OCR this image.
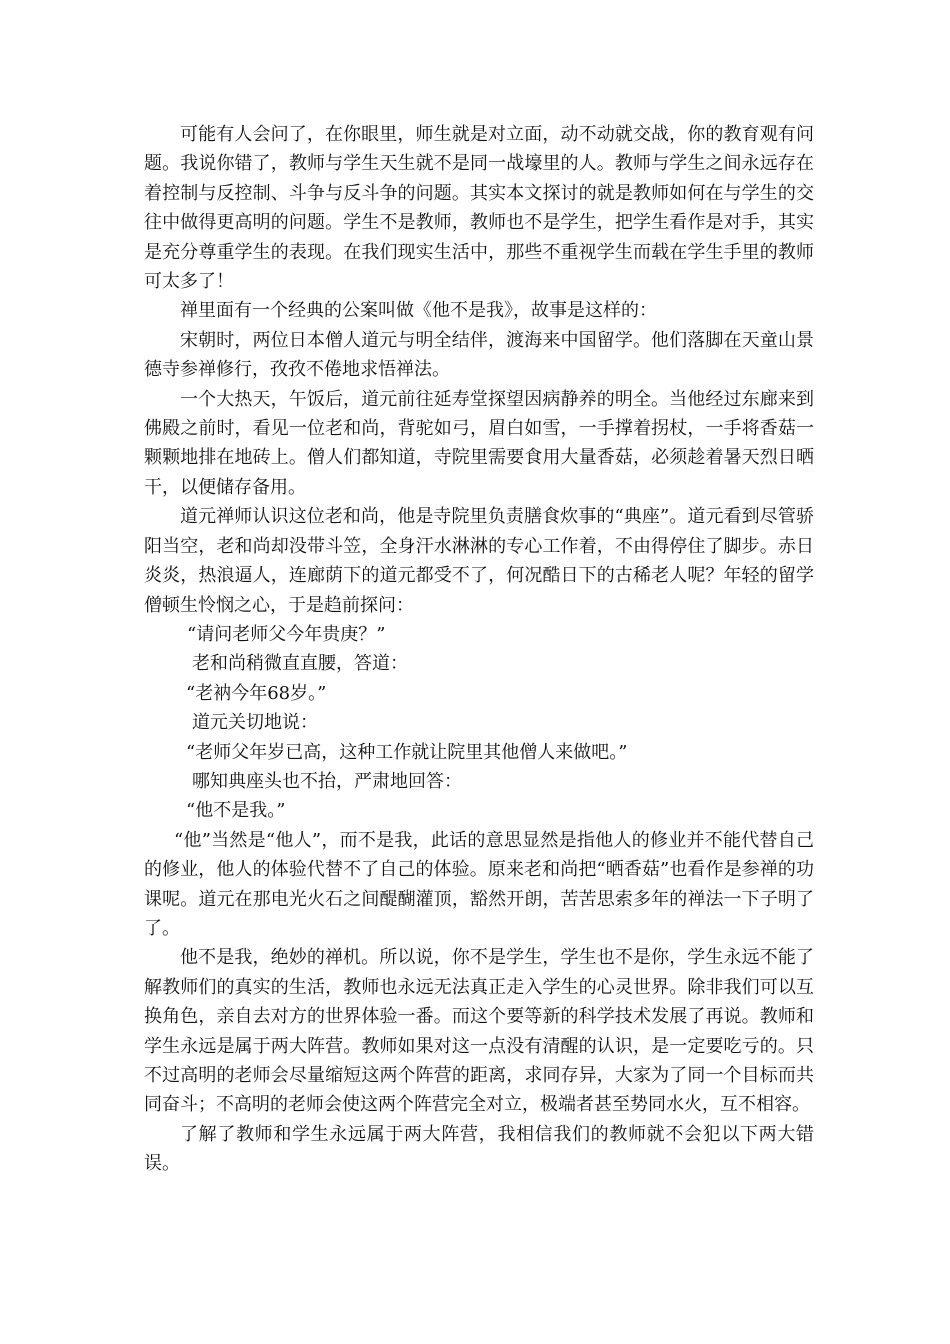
可能有人会问了，在你眼里，师生就是对立面，动不动就交战，你的教育观有问题。我说你错了，教师与学生天生就不是同一战壕里的人。教师与学生之间永远存在着控制与反控制、斗争与反斗争的问题。其实本文探讨的就是教师如何在与学生的交往中做得更高明的问题。学生不是教师，教师也不是学生，把学生看作是对手，其实是充分尊重学生的表现。在我们现实生活中，那些不重视学生而载在学生手里的教师可太多了！

禅里面有一个经典的公案叫做《他不是我》，故事是这样的：

宋朝时，两位日本僧人道元与明全结伴，渡海来中国留学。他们落脚在天童山景德寺参禅修行，孜孜不倦地求悟禅法。

一个大热天，午饭后，道元前往延寿堂探望因病静养的明全。当他经过东廊来到佛殿之前时，看见一位老和尚，背驼如弓，眉白如雪，一手撑着拐杖，一手将香菇一颗颗地排在地砖上。僧人们都知道，寺院里需要食用大量香菇，必须趁着暑天烈日晒干，以便储存备用。

道元禅师认识这位老和尚，他是寺院里负责膳食炊事的“典座”。道元看到尽管骄阳当空，老和尚却没带斗笠，全身汗水淋淋的专心工作着，不由得停住了脚步。赤日炎炎，热浪逼人，连廊荫下的道元都受不了，何况酷日下的古稀老人呢？年轻的留学僧顿生怜悯之心，于是趋前探问：

“请问老师父今年贵庚？”

老和尚稍微直直腰，答道：

“老衲今年68岁。”

道元关切地说：

“老师父年岁已高，这种工作就让院里其他僧人来做吧。”

哪知典座头也不抬，严肃地回答：

“他不是我。”

“他”当然是“他人”，而不是我，此话的意思显然是指他人的修业并不能代替自己的修业，他人的体验代替不了自己的体验。原来老和尚把“晒香菇”也看作是参禅的功课呢。道元在那电光火石之间醍醐灌顶，豁然开朗，苦苦思索多年的禅法一下子明了了。

他不是我，绝妙的禅机。所以说，你不是学生，学生也不是你，学生永远不能了解教师们的真实的生活，教师也永远无法真正走入学生的心灵世界。除非我们可以互换角色，亲自去对方的世界体验一番。而这个要等新的科学技术发展了再说。教师和学生永远是属于两大阵营。教师如果对这一点没有清醒的认识，是一定要吃亏的。只不过高明的老师会尽量缩短这两个阵营的距离，求同存异，大家为了同一个目标而共同奋斗；不高明的老师会使这两个阵营完全对立，极端者甚至势同水火，互不相容。

了解了教师和学生永远属于两大阵营，我相信我们的教师就不会犯以下两大错误。
